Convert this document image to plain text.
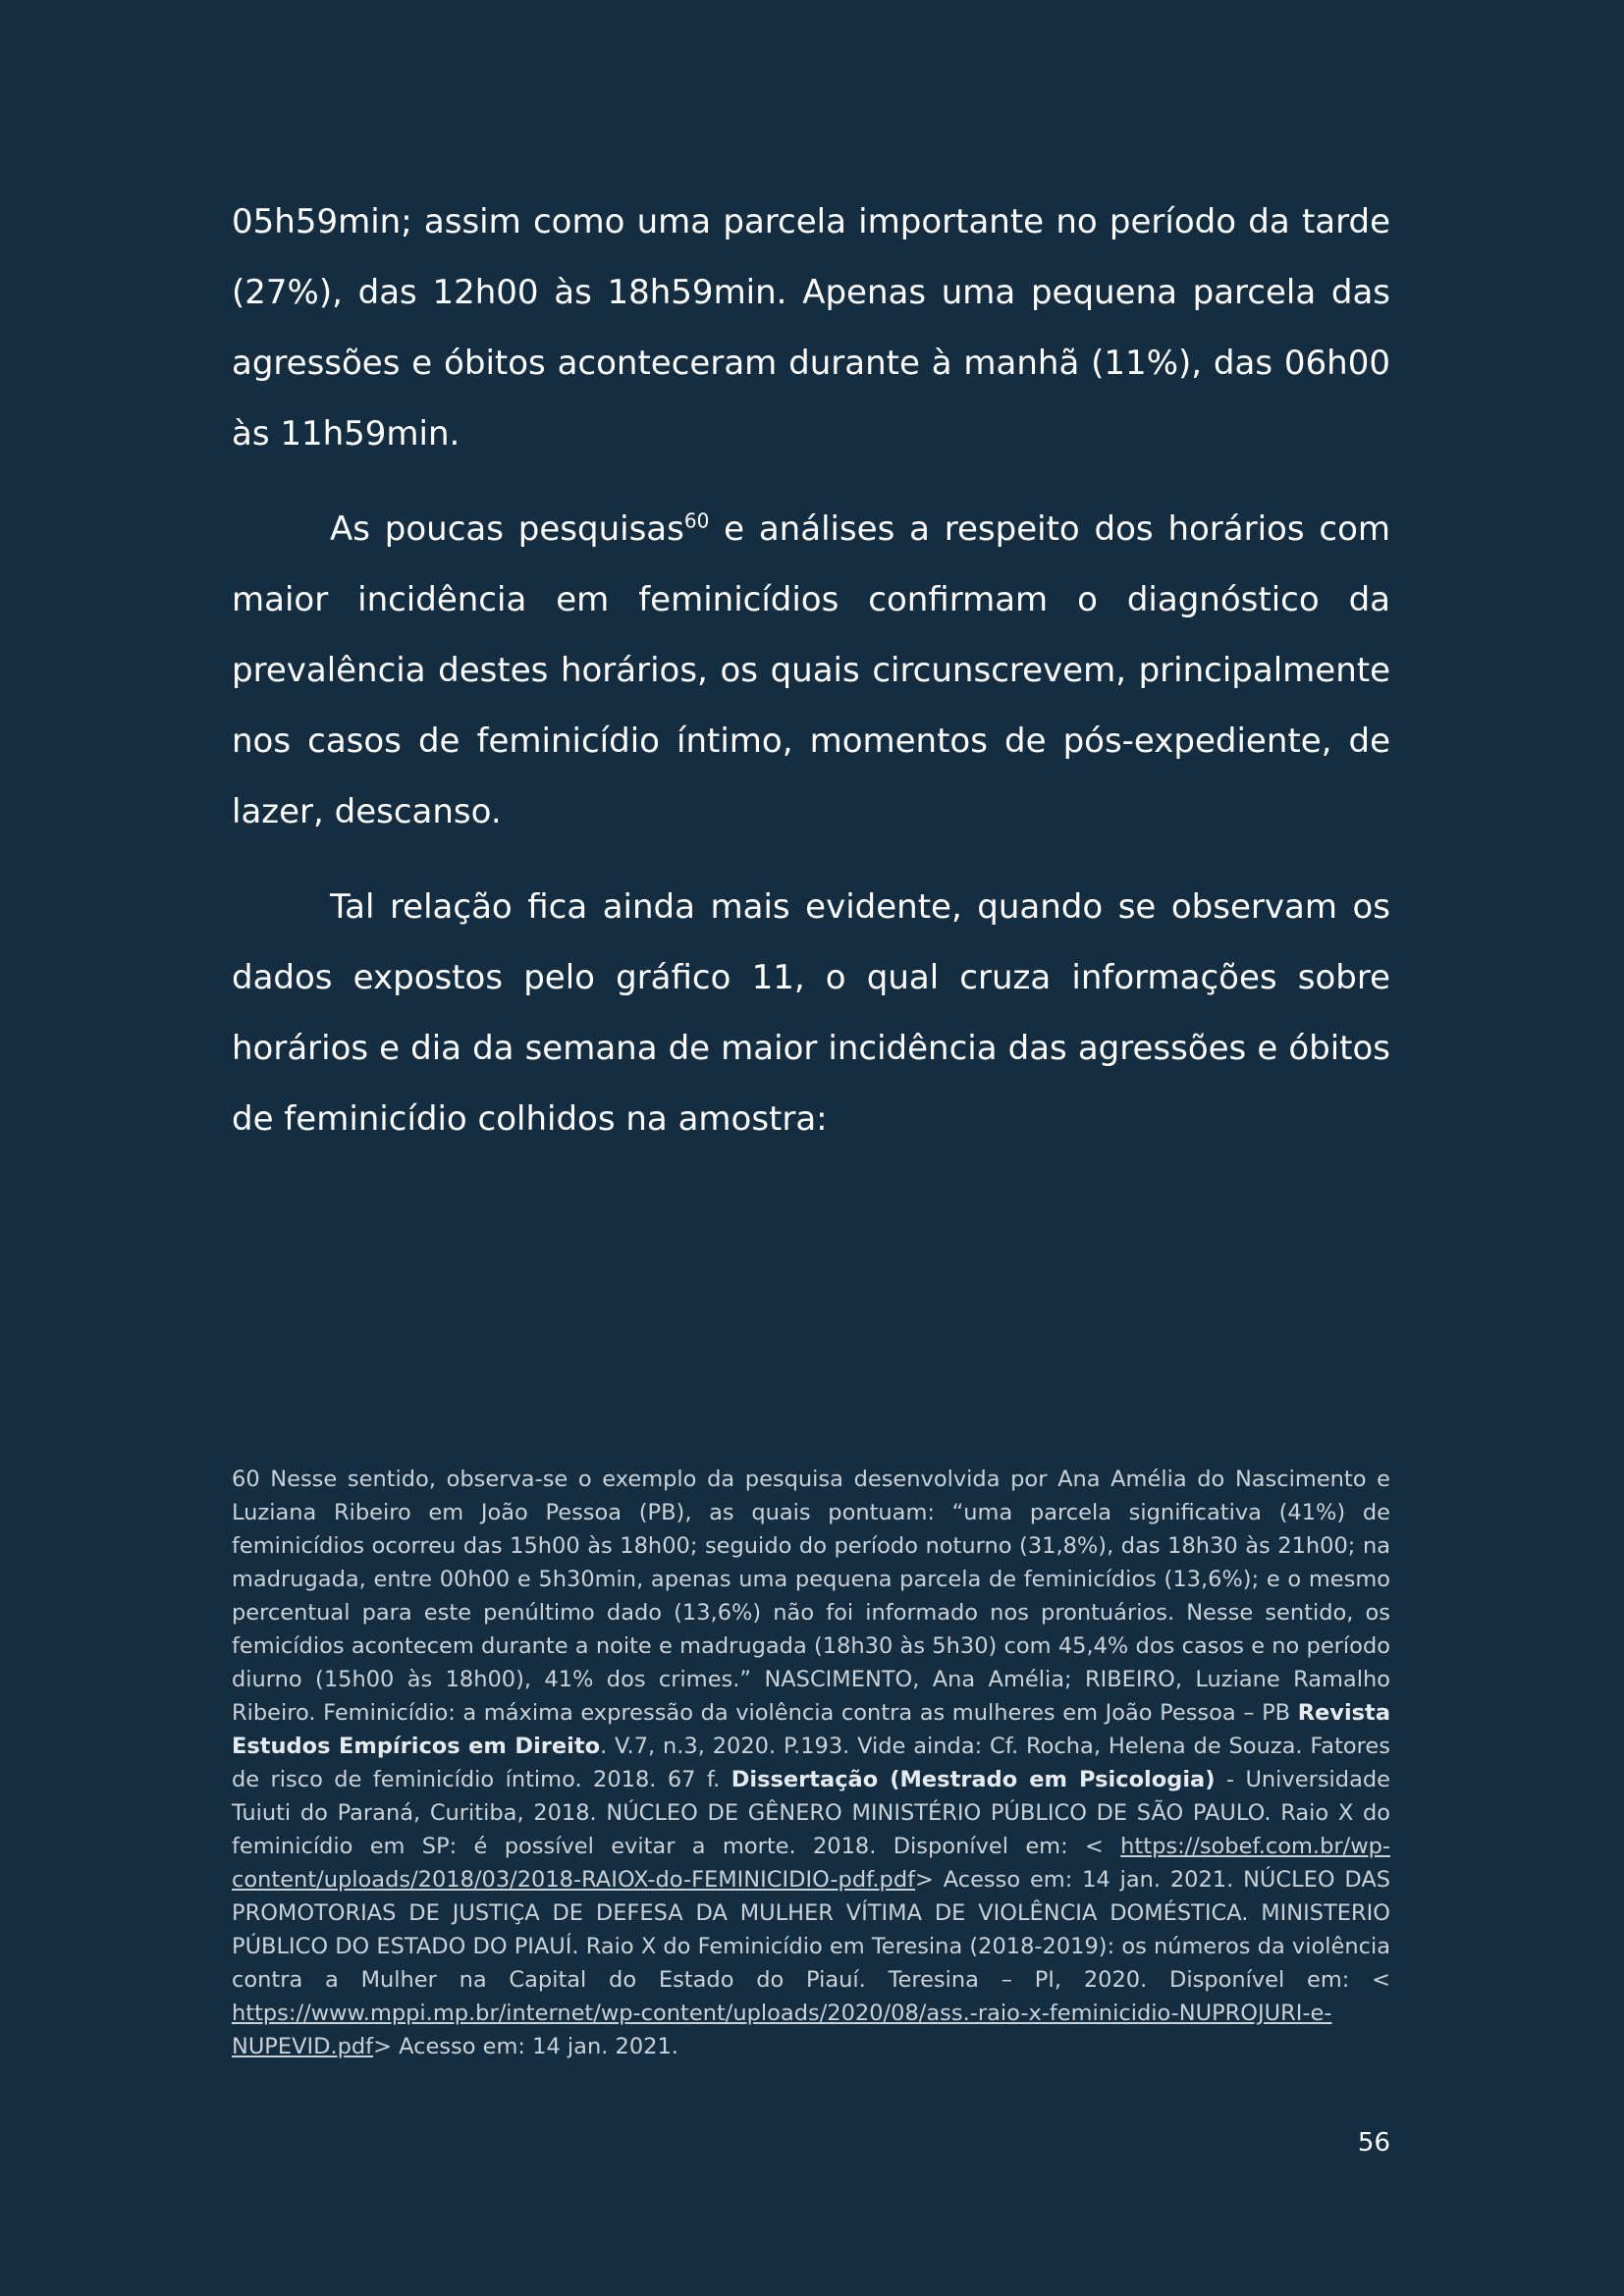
05h59min; assim como uma parcela importante no período da tarde (27%), das 12h00 às 18h59min. Apenas uma pequena parcela das agressões e óbitos aconteceram durante à manhã (11%), das 06h00 às 11h59min.

As poucas pesquisas$^{60}$ e análises a respeito dos horários com maior incidência em feminicídios confirmam o diagnóstico da prevalência destes horários, os quais circunscrevem, principalmente nos casos de feminicídio íntimo, momentos de pós-expediente, de lazer, descanso.

Tal relação fica ainda mais evidente, quando se observam os dados expostos pelo gráfico 11, o qual cruza informações sobre horários e dia da semana de maior incidência das agressões e óbitos de feminicídio colhidos na amostra:

60 Nesse sentido, observa-se o exemplo da pesquisa desenvolvida por Ana Amélia do Nascimento e Luziana Ribeiro em João Pessoa (PB), as quais pontuam: “uma parcela significativa (41%) de feminicídios ocorreu das 15h00 às 18h00; seguido do período noturno (31,8%), das 18h30 às 21h00; na madrugada, entre 00h00 e 5h30min, apenas uma pequena parcela de feminicídios (13,6%); e o mesmo percentual para este penúltimo dado (13,6%) não foi informado nos prontuários. Nesse sentido, os femicídios acontecem durante a noite e madrugada (18h30 às 5h30) com 45,4% dos casos e no período diurno (15h00 às 18h00), 41% dos crimes.” NASCIMENTO, Ana Amélia; RIBEIRO, Luziane Ramalho Ribeiro. Feminicídio: a máxima expressão da violência contra as mulheres em João Pessoa – PB Revista Estudos Empíricos em Direito. V.7, n.3, 2020. P.193. Vide ainda: Cf. Rocha, Helena de Souza. Fatores de risco de feminicídio íntimo. 2018. 67 f. Dissertação (Mestrado em Psicologia) - Universidade Tuiuti do Paraná, Curitiba, 2018. NÚCLEO DE GÊNERO MINISTÉRIO PÚBLICO DE SÃO PAULO. Raio X do feminicídio em SP: é possível evitar a morte. 2018. Disponível em: < https://sobef.com.br/wp-content/uploads/2018/03/2018-RAIOX-do-FEMINICIDIO-pdf.pdf> Acesso em: 14 jan. 2021. NÚCLEO DAS PROMOTORIAS DE JUSTIÇA DE DEFESA DA MULHER VÍTIMA DE VIOLÊNCIA DOMÉSTICA. MINISTERIO PÚBLICO DO ESTADO DO PIAUÍ. Raio X do Feminicídio em Teresina (2018-2019): os números da violência contra a Mulher na Capital do Estado do Piauí. Teresina – PI, 2020. Disponível em: < https://www.mppi.mp.br/internet/wp-content/uploads/2020/08/ass.-raio-x-feminicidio-NUPROJURI-e-NUPEVID.pdf> Acesso em: 14 jan. 2021.
56
